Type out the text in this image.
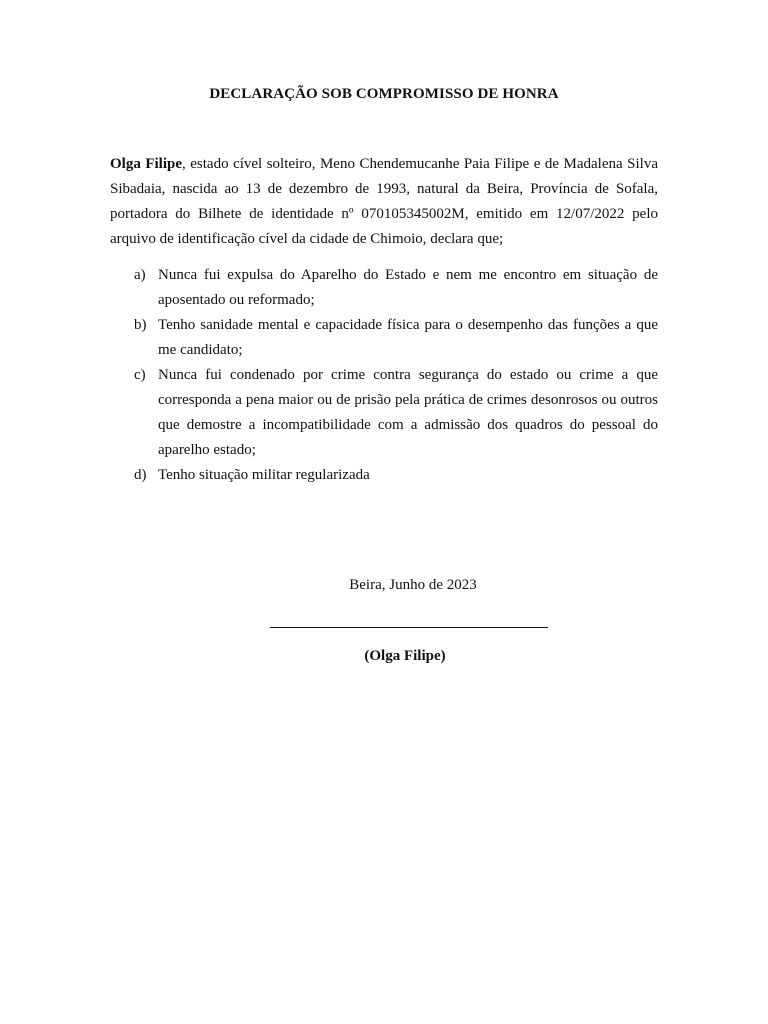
DECLARAÇÃO SOB COMPROMISSO DE HONRA

Olga Filipe, estado cível solteiro, Meno Chendemucanhe Paia Filipe e de Madalena Silva Sibadaia, nascida ao 13 de dezembro de 1993, natural da Beira, Província de Sofala, portadora do Bilhete de identidade nº 070105345002M, emitido em 12/07/2022 pelo arquivo de identificação cível da cidade de Chimoio, declara que;

a) Nunca fui expulsa do Aparelho do Estado e nem me encontro em situação de aposentado ou reformado;
b) Tenho sanidade mental e capacidade física para o desempenho das funções a que me candidato;
c) Nunca fui condenado por crime contra segurança do estado ou crime a que corresponda a pena maior ou de prisão pela prática de crimes desonrosos ou outros que demostre a incompatibilidade com a admissão dos quadros do pessoal do aparelho estado;
d) Tenho situação militar regularizada
Beira, Junho de 2023
(Olga Filipe)
